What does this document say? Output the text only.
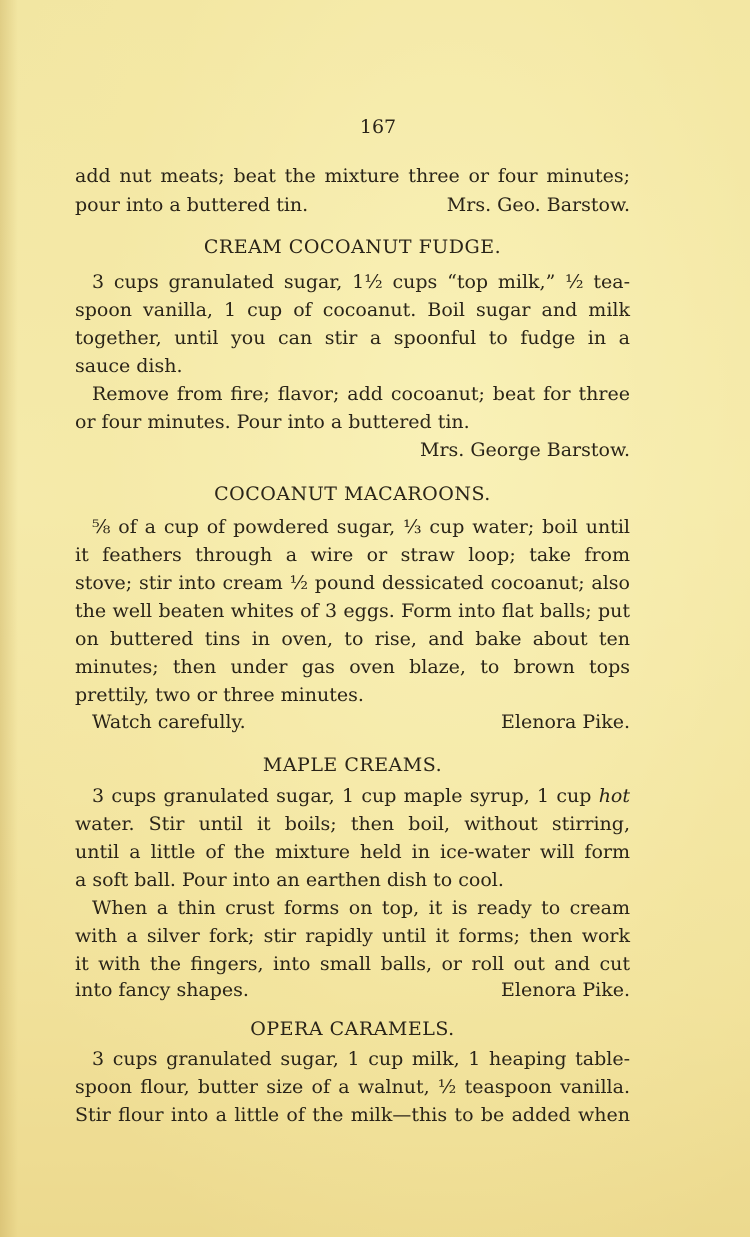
167
add nut meats; beat the mixture three or four minutes;
pour into a buttered tin.	Mrs. Geo. Barstow.
CREAM COCOANUT FUDGE.
3 cups granulated sugar, 1½ cups “top milk,” ½ tea-
spoon vanilla, 1 cup of cocoanut. Boil sugar and milk
together, until you can stir a spoonful to fudge in a
sauce dish.
Remove from fire; flavor; add cocoanut; beat for three
or four minutes. Pour into a buttered tin.
Mrs. George Barstow.
COCOANUT MACAROONS.
⅝ of a cup of powdered sugar, ⅓ cup water; boil until
it feathers through a wire or straw loop; take from
stove; stir into cream ½ pound dessicated cocoanut; also
the well beaten whites of 3 eggs. Form into flat balls; put
on buttered tins in oven, to rise, and bake about ten
minutes; then under gas oven blaze, to brown tops
prettily, two or three minutes.
Watch carefully.	Elenora Pike.
MAPLE CREAMS.
3 cups granulated sugar, 1 cup maple syrup, 1 cup hot
water. Stir until it boils; then boil, without stirring,
until a little of the mixture held in ice-water will form
a soft ball. Pour into an earthen dish to cool.
When a thin crust forms on top, it is ready to cream
with a silver fork; stir rapidly until it forms; then work
it with the fingers, into small balls, or roll out and cut
into fancy shapes.	Elenora Pike.
OPERA CARAMELS.
3 cups granulated sugar, 1 cup milk, 1 heaping table-
spoon flour, butter size of a walnut, ½ teaspoon vanilla.
Stir flour into a little of the milk—this to be added when
